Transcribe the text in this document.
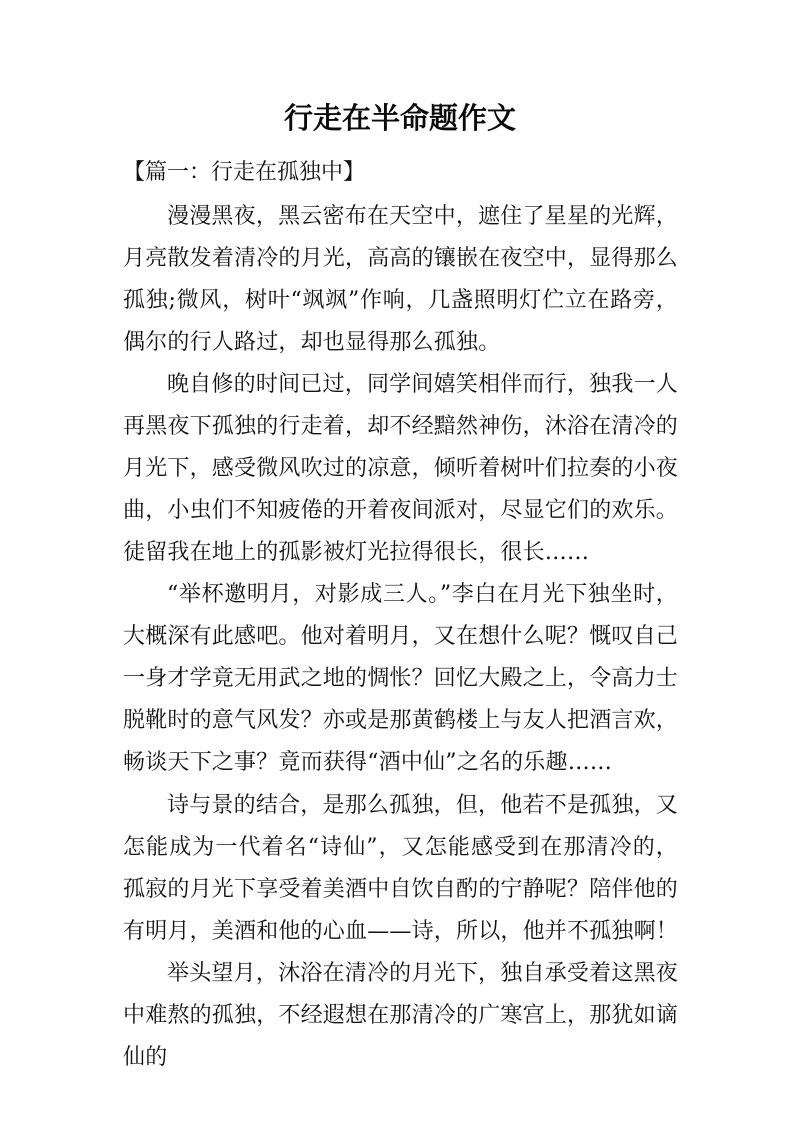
行走在半命题作文

【篇一：行走在孤独中】

漫漫黑夜，黑云密布在天空中，遮住了星星的光辉，月亮散发着清冷的月光，高高的镶嵌在夜空中，显得那么孤独;微风，树叶“飒飒”作响，几盏照明灯伫立在路旁，偶尔的行人路过，却也显得那么孤独。

晚自修的时间已过，同学间嬉笑相伴而行，独我一人再黑夜下孤独的行走着，却不经黯然神伤，沐浴在清冷的月光下，感受微风吹过的凉意，倾听着树叶们拉奏的小夜曲，小虫们不知疲倦的开着夜间派对，尽显它们的欢乐。徒留我在地上的孤影被灯光拉得很长，很长……

“举杯邀明月，对影成三人。”李白在月光下独坐时，大概深有此感吧。他对着明月，又在想什么呢？慨叹自己一身才学竟无用武之地的惆怅？回忆大殿之上，令高力士脱靴时的意气风发？亦或是那黄鹤楼上与友人把酒言欢，畅谈天下之事？竟而获得“酒中仙”之名的乐趣……

诗与景的结合，是那么孤独，但，他若不是孤独，又怎能成为一代着名“诗仙”，又怎能感受到在那清冷的，孤寂的月光下享受着美酒中自饮自酌的宁静呢？陪伴他的有明月，美酒和他的心血——诗，所以，他并不孤独啊！

举头望月，沐浴在清冷的月光下，独自承受着这黑夜中难熬的孤独，不经遐想在那清冷的广寒宫上，那犹如谪仙的
